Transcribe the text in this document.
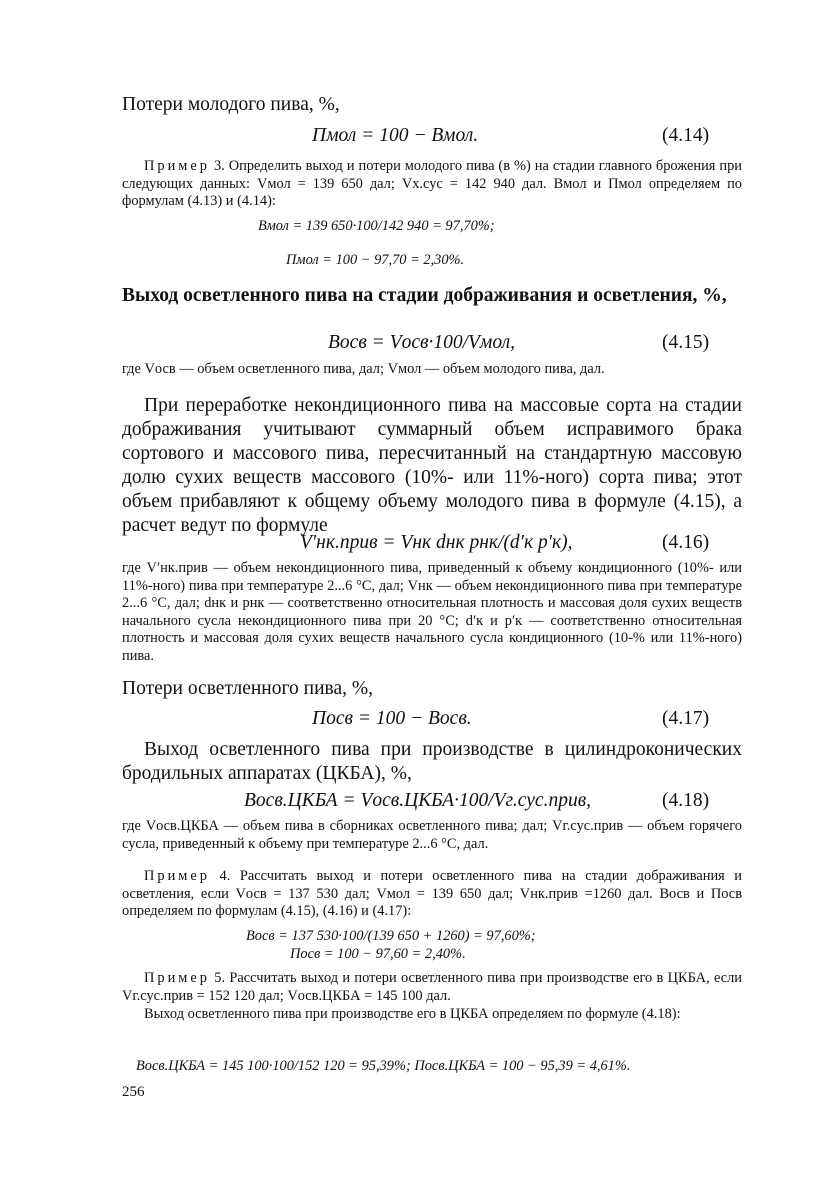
Потери молодого пива, %,
Пмол = 100 − Вмол.	(4.14)
Пример 3. Определить выход и потери молодого пива (в %) на стадии главного брожения при следующих данных: Vмол = 139 650 дал; Vх.сус = 142 940 дал. Вмол и Пмол определяем по формулам (4.13) и (4.14):
Вмол = 139 650·100/142 940 = 97,70%;
Пмол = 100 − 97,70 = 2,30%.
Выход осветленного пива на стадии дображивания и осветления, %,
Восв = Vосв·100/Vмол,	(4.15)
где Vосв — объем осветленного пива, дал; Vмол — объем молодого пива, дал.
При переработке некондиционного пива на массовые сорта на стадии дображивания учитывают суммарный объем исправимого брака сортового и массового пива, пересчитанный на стандартную массовую долю сухих веществ массового (10%- или 11%-ного) сорта пива; этот объем прибавляют к общему объему молодого пива в формуле (4.15), а расчет ведут по формуле
V′нк.прив = Vнк dнк pнк/(d′к p′к),	(4.16)
где V′нк.прив — объем некондиционного пива, приведенный к объему кондиционного (10%- или 11%-ного) пива при температуре 2...6 °С, дал; Vнк — объем некондиционного пива при температуре 2...6 °С, дал; dнк и pнк — соответственно относительная плотность и массовая доля сухих веществ начального сусла некондиционного пива при 20 °С; d′к и p′к — соответственно относительная плотность и массовая доля сухих веществ начального сусла кондиционного (10-% или 11%-ного) пива.
Потери осветленного пива, %,
Посв = 100 − Восв.	(4.17)
Выход осветленного пива при производстве в цилиндроконических бродильных аппаратах (ЦКБА), %,
Восв.ЦКБА = Vосв.ЦКБА·100/Vг.сус.прив,	(4.18)
где Vосв.ЦКБА — объем пива в сборниках осветленного пива; дал; Vг.сус.прив — объем горячего сусла, приведенный к объему при температуре 2...6 °С, дал.
Пример 4. Рассчитать выход и потери осветленного пива на стадии дображивания и осветления, если Vосв = 137 530 дал; Vмол = 139 650 дал; Vнк.прив =1260 дал. Восв и Посв определяем по формулам (4.15), (4.16) и (4.17):
Восв = 137 530·100/(139 650 + 1260) = 97,60%;
Посв = 100 − 97,60 = 2,40%.
Пример 5. Рассчитать выход и потери осветленного пива при производстве его в ЦКБА, если Vг.сус.прив = 152 120 дал; Vосв.ЦКБА = 145 100 дал.
Выход осветленного пива при производстве его в ЦКБА определяем по формуле (4.18):
Восв.ЦКБА = 145 100·100/152 120 = 95,39%; Посв.ЦКБА = 100 − 95,39 = 4,61%.
256
